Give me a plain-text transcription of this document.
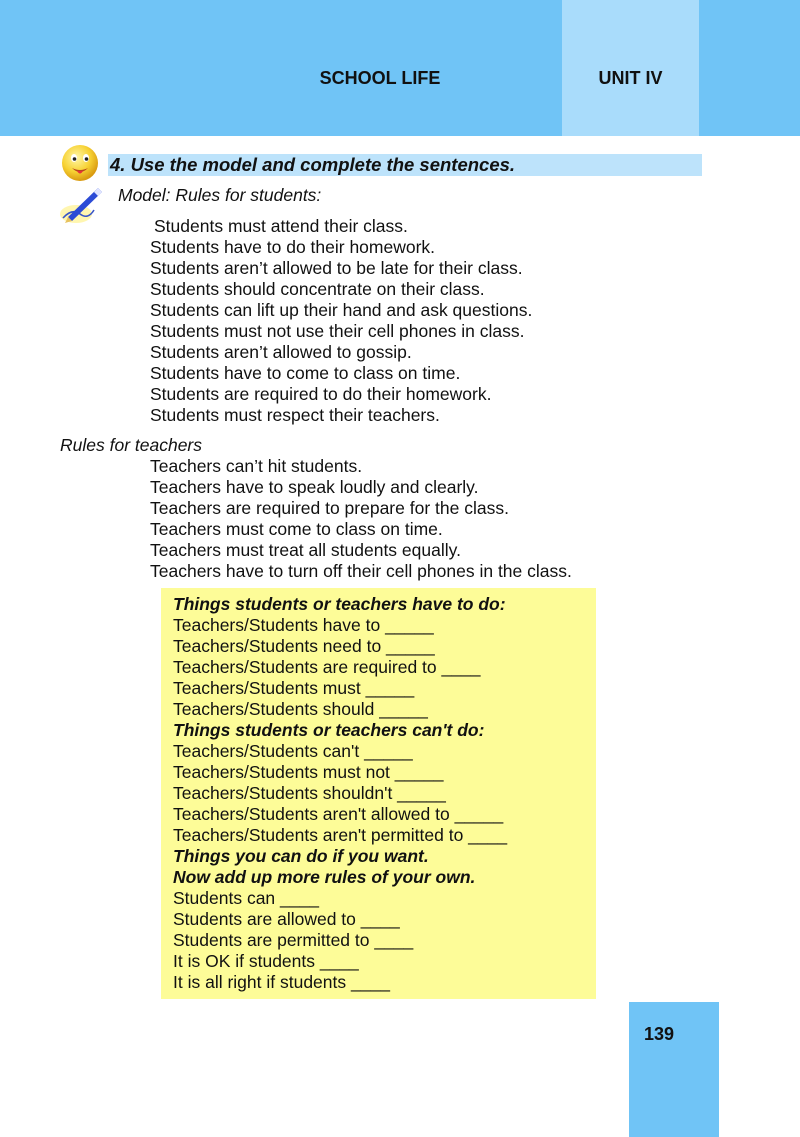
SCHOOL LIFE	UNIT IV
4. Use the model and complete the sentences.
Model: Rules for students:
Students must attend their class.
Students have to do their homework.
Students aren’t allowed to be late for their class.
Students should concentrate on their class.
Students can lift up their hand and ask questions.
Students must not use their cell phones in class.
Students aren’t allowed to gossip.
Students have to come to class on time.
Students are required to do their homework.
Students must respect their teachers.
Rules for teachers
Teachers can’t hit students.
Teachers have to speak loudly and clearly.
Teachers are required to prepare for the class.
Teachers must come to class on time.
Teachers must treat all students equally.
Teachers have to turn off their cell phones in the class.
Things students or teachers have to do:
Teachers/Students have to _____
Teachers/Students need to _____
Teachers/Students are required to ____
Teachers/Students must _____
Teachers/Students should _____
Things students or teachers can't do:
Teachers/Students can't _____
Teachers/Students must not _____
Teachers/Students shouldn't _____
Teachers/Students aren't allowed to _____
Teachers/Students aren't permitted to ____
Things you can do if you want.
Now add up more rules of your own.
Students can ____
Students are allowed to ____
Students are permitted to ____
It is OK if students ____
It is all right if students ____
139
